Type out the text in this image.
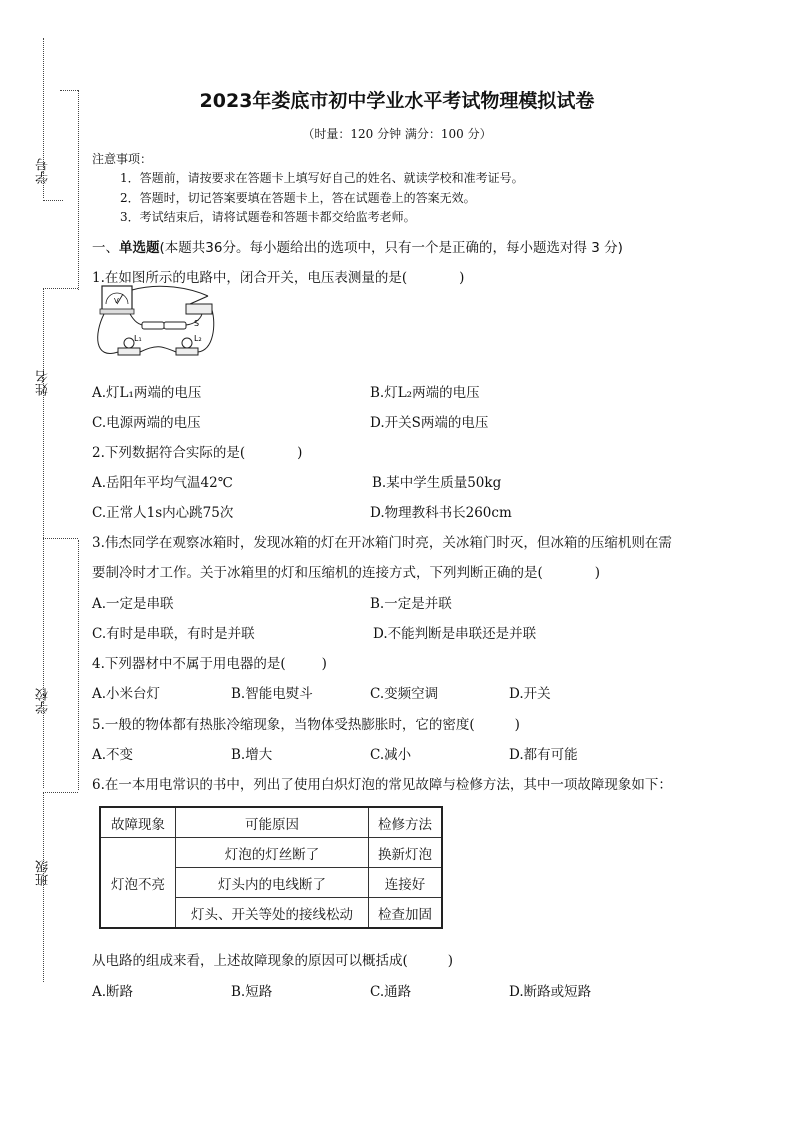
学号
姓名
学校
班级
2023年娄底市初中学业水平考试物理模拟试卷
（时量：120 分钟 满分：100 分）
注意事项：
1．答题前，请按要求在答题卡上填写好自己的姓名、就读学校和准考证号。
2．答题时，切记答案要填在答题卡上，答在试题卷上的答案无效。
3．考试结束后，请将试题卷和答题卡都交给监考老师。
一、单选题(本题共36分。每小题给出的选项中，只有一个是正确的，每小题选对得 3 分)
1.在如图所示的电路中，闭合开关，电压表测量的是(	)
V
S
L₁	L₂
A.灯L₁两端的电压	B.灯L₂两端的电压
C.电源两端的电压	D.开关S两端的电压
2.下列数据符合实际的是(	)
A.岳阳年平均气温42℃	B.某中学生质量50kg
C.正常人1s内心跳75次	D.物理教科书长260cm
3.伟杰同学在观察冰箱时，发现冰箱的灯在开冰箱门时亮，关冰箱门时灭，但冰箱的压缩机则在需
要制冷时才工作。关于冰箱里的灯和压缩机的连接方式，下列判断正确的是(	)
A.一定是串联	B.一定是并联
C.有时是串联，有时是并联	D.不能判断是串联还是并联
4.下列器材中不属于用电器的是(	)
A.小米台灯	B.智能电熨斗	C.变频空调	D.开关
5.一般的物体都有热胀冷缩现象，当物体受热膨胀时，它的密度(	)
A.不变	B.增大	C.减小	D.都有可能
6.在一本用电常识的书中，列出了使用白炽灯泡的常见故障与检修方法，其中一项故障现象如下：
故障现象	可能原因	检修方法
灯泡不亮	灯泡的灯丝断了	换新灯泡
	灯头内的电线断了	连接好
	灯头、开关等处的接线松动	检查加固
从电路的组成来看，上述故障现象的原因可以概括成(	)
A.断路	B.短路	C.通路	D.断路或短路
